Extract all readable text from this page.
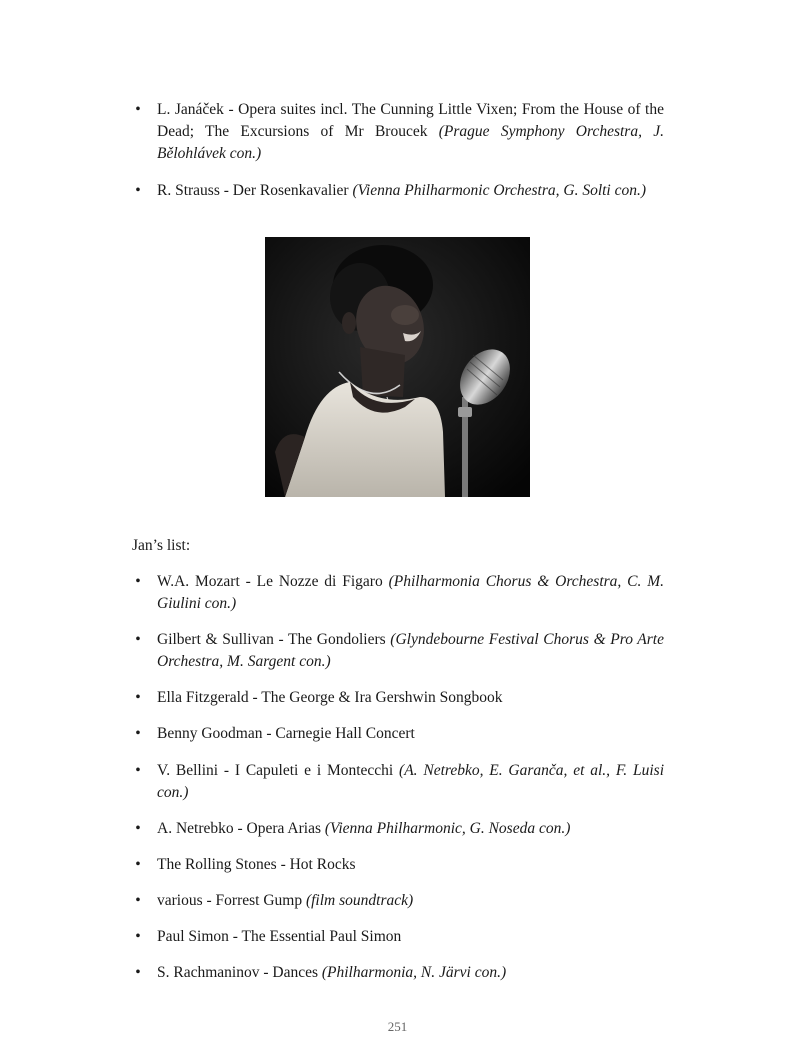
• L. Janáček - Opera suites incl. The Cunning Little Vixen; From the House of the Dead; The Excursions of Mr Broucek (Prague Symphony Orchestra, J. Bělohlávek con.)
• R. Strauss - Der Rosenkavalier (Vienna Philharmonic Orchestra, G. Solti con.)
Jan’s list:
• W.A. Mozart - Le Nozze di Figaro (Philharmonia Chorus & Orchestra, C. M. Giulini con.)
• Gilbert & Sullivan - The Gondoliers (Glyndebourne Festival Chorus & Pro Arte Orchestra, M. Sargent con.)
• Ella Fitzgerald - The George & Ira Gershwin Songbook
• Benny Goodman - Carnegie Hall Concert
• V. Bellini - I Capuleti e i Montecchi (A. Netrebko, E. Garanča, et al., F. Luisi con.)
• A. Netrebko - Opera Arias (Vienna Philharmonic, G. Noseda con.)
• The Rolling Stones - Hot Rocks
• various - Forrest Gump (film soundtrack)
• Paul Simon - The Essential Paul Simon
• S. Rachmaninov - Dances (Philharmonia, N. Järvi con.)
251
